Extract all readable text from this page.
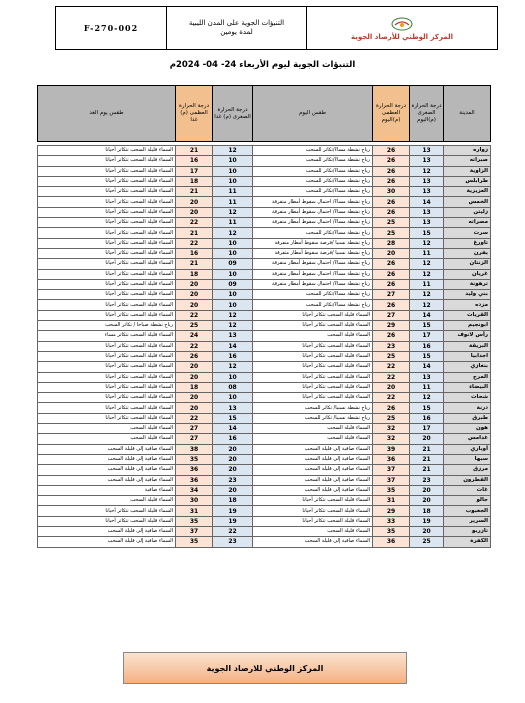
F-270-002	التنبؤات الجوية على المدن الليبية
لمدة يومين
المركز الوطني للأرصاد الجوية
التنبؤات الجوية ليوم الأربعاء 24- 04- 2024م
المدينة	درجة الحرارة الصغرى (م)اليوم	درجة الحرارة العظمى (م)اليوم	طقس اليوم	درجة الحرارة الصغرى (م) غدا	درجة الحرارة العظمى (م) غدا	طقس يوم الغد

زواره	13	26	رياح نشطة مساءً/تكاثر للسحب	12	21	السماء قليلة السحب تتكاثر أحيانا
صبراته	13	26	رياح نشطة مساءً/تكاثر للسحب	10	16	السماء قليلة السحب تتكاثر أحيانا
الزاوية	12	26	رياح نشطة مساءً/تكاثر للسحب	10	17	السماء قليلة السحب تتكاثر أحيانا
طرابلس	13	26	رياح نشطة مساءً/تكاثر للسحب	10	18	السماء قليلة السحب تتكاثر أحيانا
العزيزية	13	30	رياح نشطة مساءً/تكاثر للسحب	11	21	السماء قليلة السحب تتكاثر أحيانا
الخمس	14	26	رياح نشطة مساءً/ احتمال سقوط أمطار متفرقة	11	20	السماء قليلة السحب تتكاثر أحيانا
زليتن	13	26	رياح نشطة مساءً/ احتمال سقوط أمطار متفرقة	12	20	السماء قليلة السحب تتكاثر أحيانا
مصراته	13	25	رياح نشطة مساءً/ احتمال سقوط أمطار متفرقة	11	22	السماء قليلة السحب تتكاثر أحيانا
سرت	15	25	رياح نشطة مساءً/تكاثر للسحب	12	21	السماء قليلة السحب تتكاثر أحيانا
تاورغ	12	28	رياح نشطة نسبيا /فرصة سقوط أمطار متفرقة	10	22	السماء قليلة السحب تتكاثر أحيانا
يفرن	11	20	رياح نشطة نسبيا /فرصة سقوط أمطار متفرقة	10	16	السماء قليلة السحب تتكاثر أحيانا
الزنتان	12	26	رياح نشطة مساءً/ احتمال سقوط أمطار متفرقة	09	21	السماء قليلة السحب تتكاثر أحيانا
غريان	12	26	رياح نشطة مساءً/ احتمال سقوط أمطار متفرقة	10	18	السماء قليلة السحب تتكاثر أحيانا
ترهونة	11	26	رياح نشطة مساءً/ احتمال سقوط أمطار متفرقة	09	20	السماء قليلة السحب تتكاثر أحيانا
بني وليد	12	27	رياح نشطة مساءً/تكاثر للسحب	10	20	السماء قليلة السحب تتكاثر أحيانا
مزده	12	26	رياح نشطة مساءً/تكاثر للسحب	10	20	السماء قليلة السحب تتكاثر أحيانا
القريات	14	27	السماء قليلة السحب تتكاثر أحيانا	12	22	السماء قليلة السحب تتكاثر أحيانا
ابونجيم	15	29	السماء قليلة السحب تتكاثر أحيانا	12	25	رياح نشطة صباحا / تكاثر السحب
رأس لانوف	17	26	السماء قليلة السحب	13	24	السماء قليلة السحب تتكاثر مساء
البريقة	16	23	السماء قليلة السحب تتكاثر أحيانا	14	22	السماء قليلة السحب تتكاثر أحيانا
اجدابيا	15	25	السماء قليلة السحب تتكاثر أحيانا	16	26	السماء قليلة السحب تتكاثر أحيانا
بنغازي	14	22	السماء قليلة السحب تتكاثر أحيانا	12	20	السماء قليلة السحب تتكاثر أحيانا
المرج	13	22	السماء قليلة السحب تتكاثر أحيانا	10	20	السماء قليلة السحب تتكاثر أحيانا
البيضاء	11	20	السماء قليلة السحب تتكاثر أحيانا	08	18	السماء قليلة السحب تتكاثر أحيانا
شحات	12	22	السماء قليلة السحب تتكاثر أحيانا	10	20	السماء قليلة السحب تتكاثر أحيانا
درنة	15	26	رياح نشطة نسبيا/ تكاثر للسحب	13	20	السماء قليلة السحب تتكاثر أحيانا
طبرق	16	25	رياح نشطة نسبيا/ تكاثر للسحب	15	22	السماء قليلة السحب تتكاثر أحيانا
هون	17	32	السماء قليلة السحب	14	27	السماء قليلة السحب
غدامس	20	32	السماء قليلة السحب	16	27	السماء قليلة السحب
أوباري	21	39	السماء صافية إلى قليلة السحب	20	38	السماء صافية إلى قليلة السحب
سبها	21	36	السماء صافية إلى قليلة السحب	20	35	السماء صافية إلى قليلة السحب
مرزق	21	37	السماء صافية إلى قليلة السحب	20	36	السماء صافية إلى قليلة السحب
القطرون	23	37	السماء صافية إلى قليلة السحب	23	36	السماء صافية إلى قليلة السحب
غات	20	35	السماء صافية إلى قليلة السحب	20	34	السماء صافية
جالو	20	31	السماء قليلة السحب تتكاثر أحيانا	18	30	السماء قليلة السحب
الجغبوب	18	29	السماء قليلة السحب تتكاثر أحيانا	19	31	السماء قليلة السحب تتكاثر أحيانا
السرير	19	33	السماء قليلة السحب تتكاثر أحيانا	19	35	السماء قليلة السحب تتكاثر أحيانا
تازربو	20	35	السماء قليلة السحب	22	37	السماء صافية إلى قليلة السحب
الكفرة	25	36	السماء صافية إلى قليلة السحب	23	35	السماء صافية إلى قليلة السحب
المركز الوطني للارصاد الجوية
